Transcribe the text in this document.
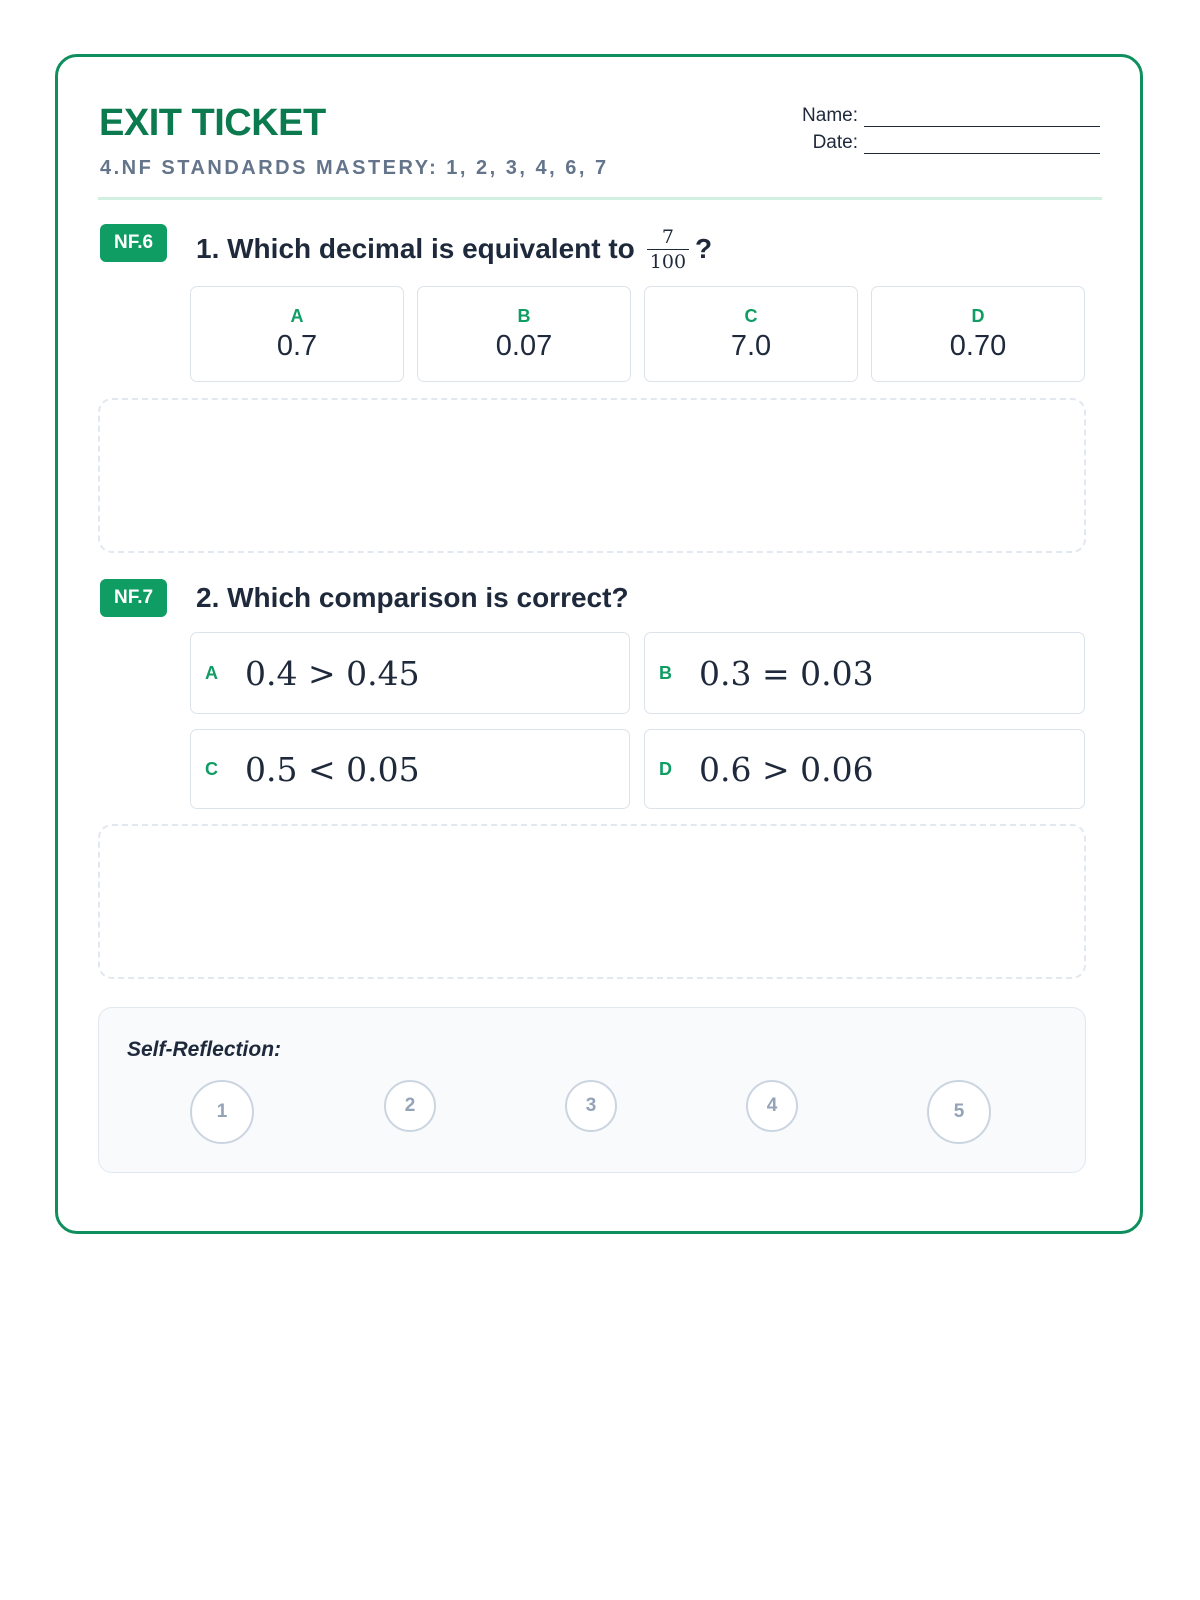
EXIT TICKET
4.NF STANDARDS MASTERY: 1, 2, 3, 4, 6, 7
Name:
Date:
NF.6	1. Which decimal is equivalent to $\frac{7}{100}$ ?
A
0.7
B
0.07
C
7.0
D
0.70
NF.7	2. Which comparison is correct?
A 0.4 > 0.45	B 0.3 = 0.03
C 0.5 < 0.05	D 0.6 > 0.06
Self-Reflection:
1	2	3	4	5
